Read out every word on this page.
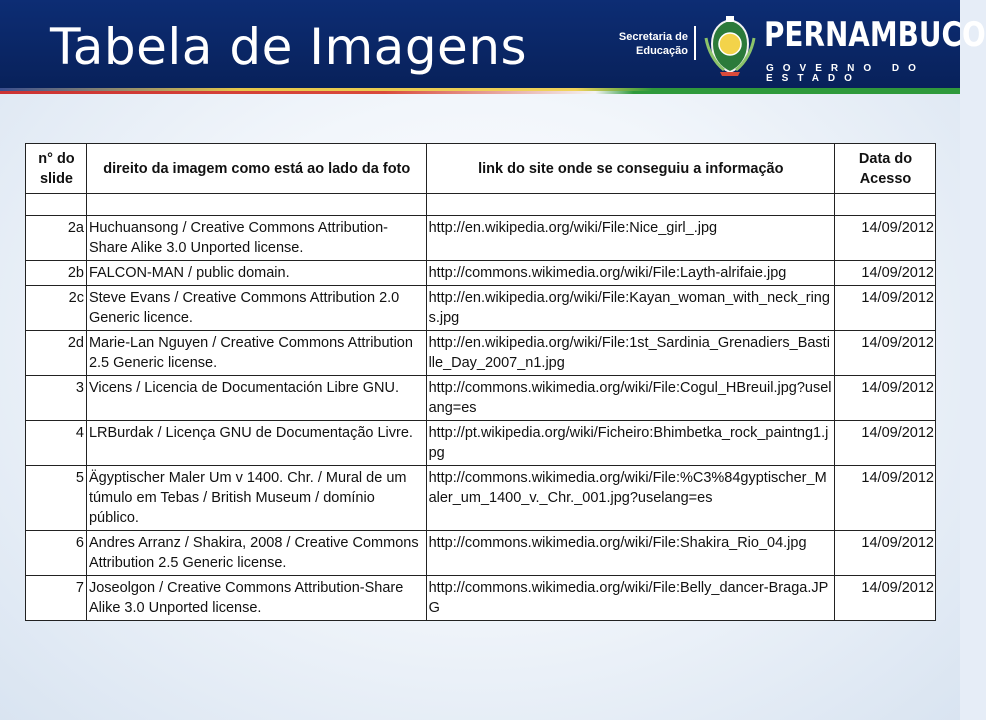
Tabela de Imagens	Secretaria de
Educação PERNAMBUCO
GOVERNO DO ESTADO
n° do slide	direito da imagem como está ao lado da foto	link do site onde se conseguiu a informação	Data do Acesso

2a	Huchuansong / Creative Commons Attribution-Share Alike 3.0 Unported license.	http://en.wikipedia.org/wiki/File:Nice_girl_.jpg	14/09/2012
2b	FALCON-MAN / public domain.	http://commons.wikimedia.org/wiki/File:Layth-alrifaie.jpg	14/09/2012
2c	Steve Evans / Creative Commons Attribution 2.0 Generic licence.	http://en.wikipedia.org/wiki/File:Kayan_woman_with_neck_rings.jpg	14/09/2012
2d	Marie-Lan Nguyen / Creative Commons Attribution 2.5 Generic license.	http://en.wikipedia.org/wiki/File:1st_Sardinia_Grenadiers_Bastille_Day_2007_n1.jpg	14/09/2012
3	Vicens / Licencia de Documentación Libre GNU.	http://commons.wikimedia.org/wiki/File:Cogul_HBreuil.jpg?uselang=es	14/09/2012
4	LRBurdak / Licença GNU de Documentação Livre.	http://pt.wikipedia.org/wiki/Ficheiro:Bhimbetka_rock_paintng1.jpg	14/09/2012
5	Ägyptischer Maler Um v 1400. Chr. / Mural de um túmulo em Tebas / British Museum / domínio público.	http://commons.wikimedia.org/wiki/File:%C3%84gyptischer_Maler_um_1400_v._Chr._001.jpg?uselang=es	14/09/2012
6	Andres Arranz / Shakira, 2008 / Creative Commons Attribution 2.5 Generic license.	http://commons.wikimedia.org/wiki/File:Shakira_Rio_04.jpg	14/09/2012
7	Joseolgon / Creative Commons Attribution-Share Alike 3.0 Unported license.	http://commons.wikimedia.org/wiki/File:Belly_dancer-Braga.JPG	14/09/2012
